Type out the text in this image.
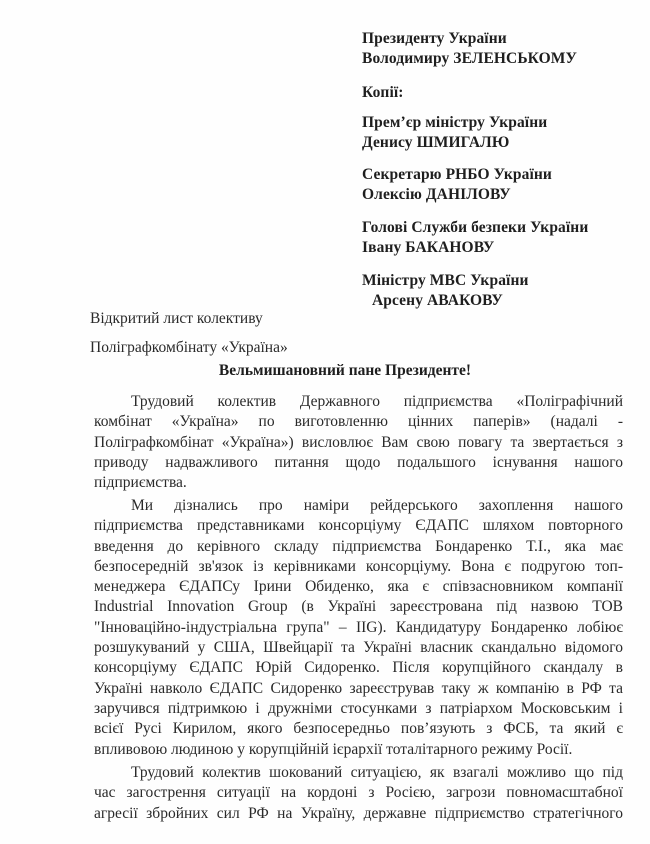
Президенту України
Володимиру ЗЕЛЕНСЬКОМУ
Копії:
Прем’єр міністру України
Денису ШМИГАЛЮ
Секретарю РНБО України
Олексію ДАНІЛОВУ
Голові Служби безпеки України
Івану БАКАНОВУ
Міністру МВС України
Арсену АВАКОВУ
Відкритий лист колективу
Поліграфкомбінату «Україна»
Вельмишановний пане Президенте!
Трудовий колектив Державного підприємства «Поліграфічний
комбінат «Україна» по виготовленню цінних паперів» (надалі -
Поліграфкомбінат «Україна») висловлює Вам свою повагу та звертається з
приводу надважливого питання щодо подальшого існування нашого
підприємства.
Ми дізнались про наміри рейдерського захоплення нашого
підприємства представниками консорціуму ЄДАПС шляхом повторного
введення до керівного складу підприємства Бондаренко Т.І., яка має
безпосередній зв'язок із керівниками консорціуму. Вона є подругою топ-
менеджера ЄДАПСу Ірини Обиденко, яка є співзасновником компанії
Industrial Innovation Group (в Україні зареєстрована під назвою ТОВ
"Інноваційно-індустріальна група" – IIG). Кандидатуру Бондаренко лобіює
розшукуваний у США, Швейцарії та Україні власник скандально відомого
консорціуму ЄДАПС Юрій Сидоренко. Після корупційного скандалу в
Україні навколо ЄДАПС Сидоренко зареєстрував таку ж компанію в РФ та
заручився підтримкою і дружніми стосунками з патріархом Московським і
всієї Русі Кирилом, якого безпосередньо пов’язують з ФСБ, та який є
впливовою людиною у корупційній ієрархії тоталітарного режиму Росії.
Трудовий колектив шокований ситуацією, як взагалі можливо що під
час загострення ситуації на кордоні з Росією, загрози повномасштабної
агресії збройних сил РФ на Україну, державне підприємство стратегічного
